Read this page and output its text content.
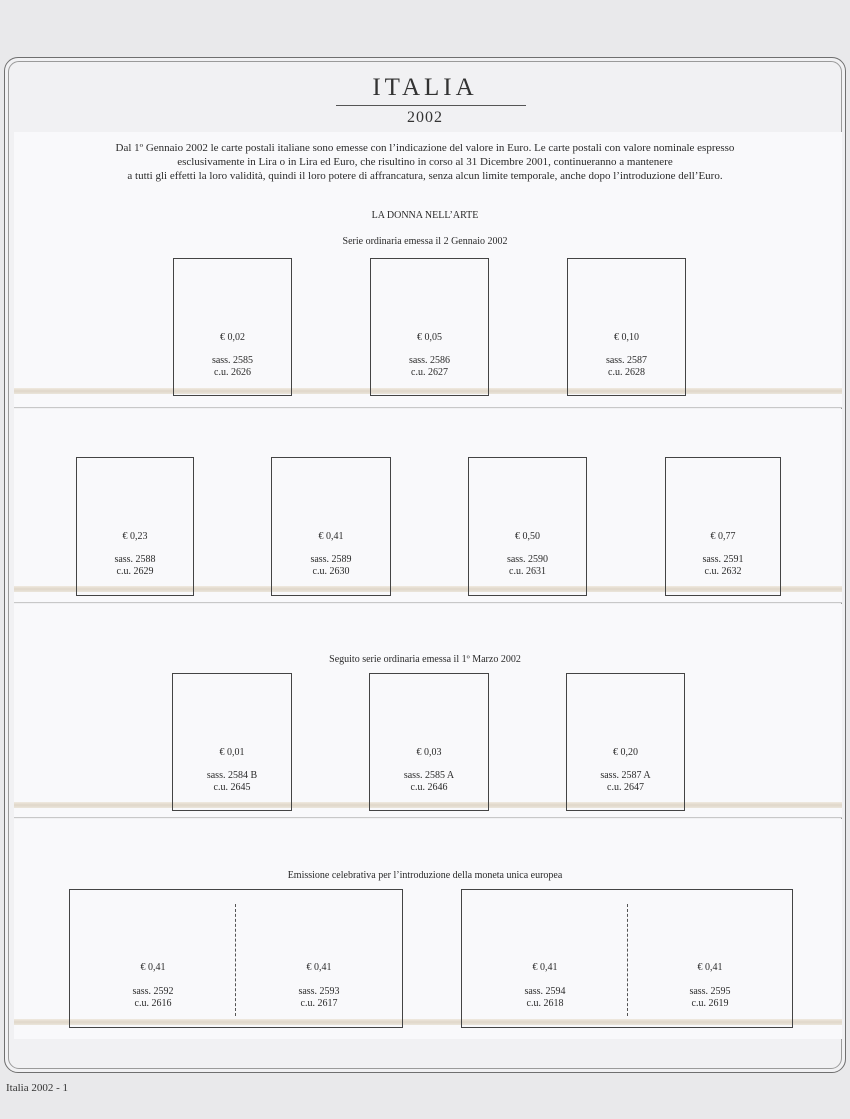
ITALIA
2002
Dal 1º Gennaio 2002 le carte postali italiane sono emesse con l’indicazione del valore in Euro. Le carte postali con valore nominale espresso
esclusivamente in Lira o in Lira ed Euro, che risultino in corso al 31 Dicembre 2001, continueranno a mantenere
a tutti gli effetti la loro validità, quindi il loro potere di affrancatura, senza alcun limite temporale, anche dopo l’introduzione dell’Euro.
LA DONNA NELL’ARTE
Serie ordinaria emessa il 2 Gennaio 2002
€ 0,02
sass. 2585
c.u. 2626
€ 0,05
sass. 2586
c.u. 2627
€ 0,10
sass. 2587
c.u. 2628
€ 0,23
sass. 2588
c.u. 2629
€ 0,41
sass. 2589
c.u. 2630
€ 0,50
sass. 2590
c.u. 2631
€ 0,77
sass. 2591
c.u. 2632
Seguito serie ordinaria emessa il 1º Marzo 2002
€ 0,01
sass. 2584 B
c.u. 2645
€ 0,03
sass. 2585 A
c.u. 2646
€ 0,20
sass. 2587 A
c.u. 2647
Emissione celebrativa per l’introduzione della moneta unica europea
€ 0,41
sass. 2592
c.u. 2616
€ 0,41
sass. 2593
c.u. 2617
€ 0,41
sass. 2594
c.u. 2618
€ 0,41
sass. 2595
c.u. 2619
Italia 2002 - 1
